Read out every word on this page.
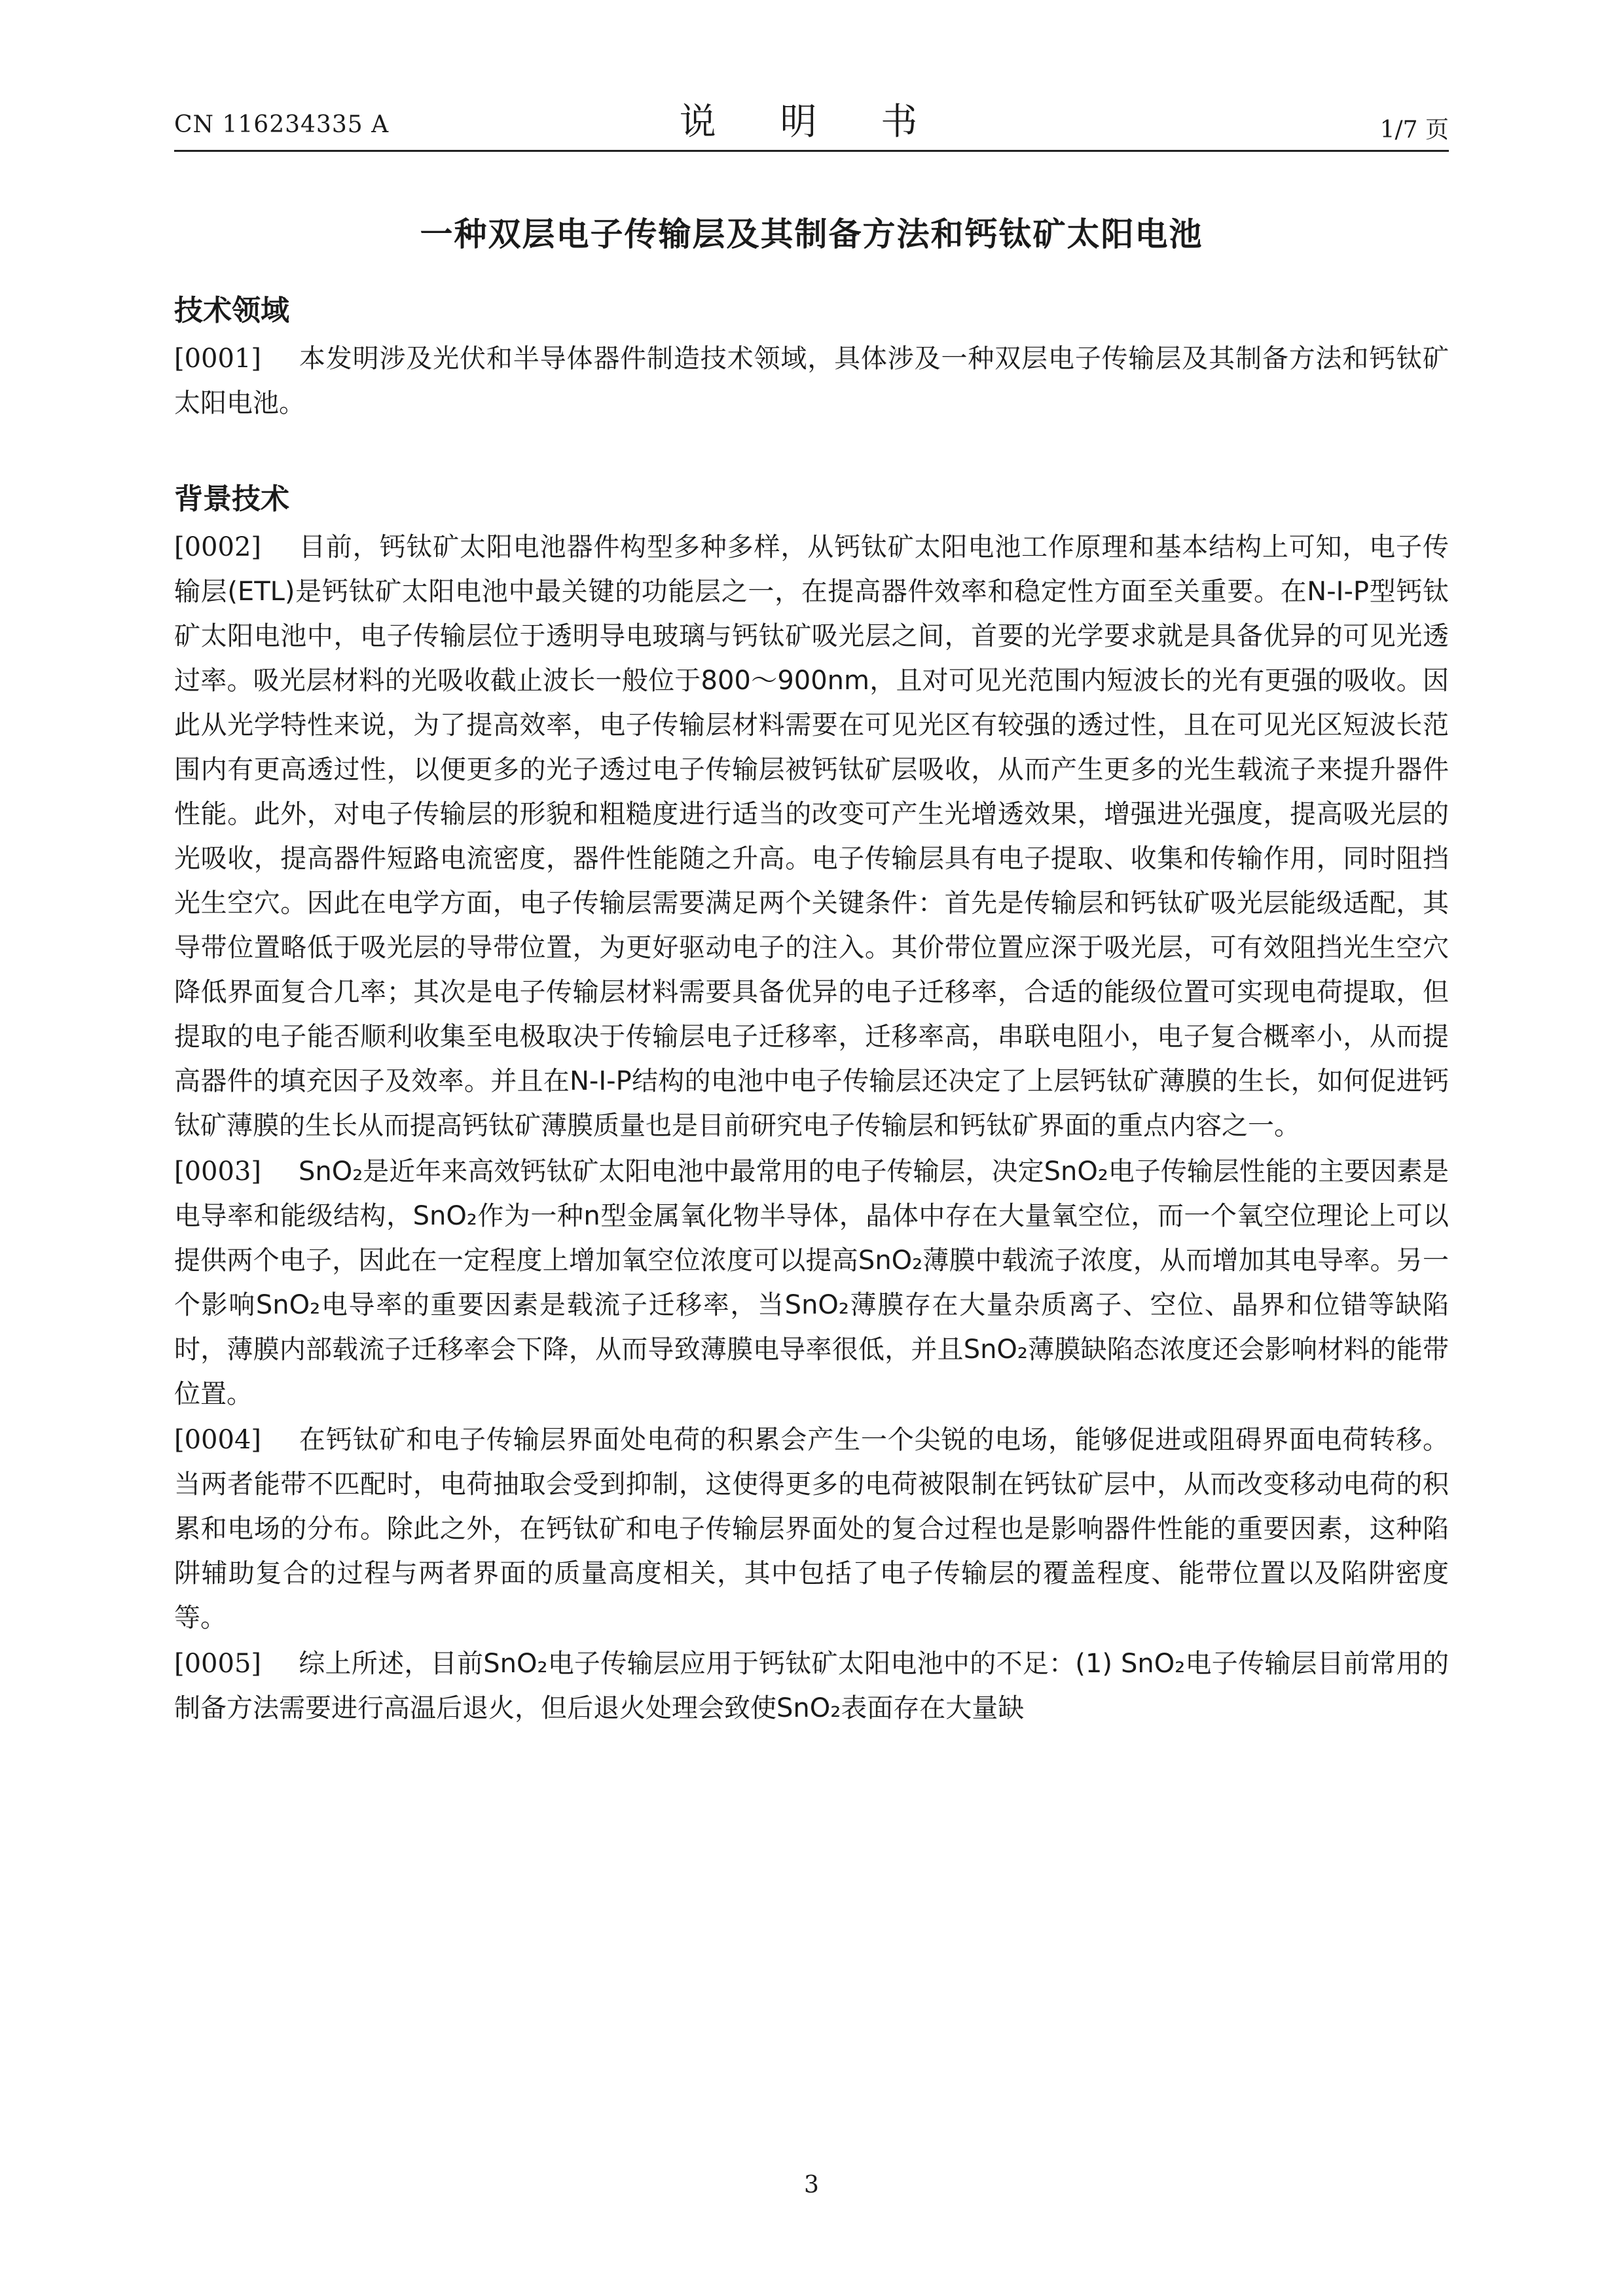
CN 116234335 A	说 明 书	1/7 页
一种双层电子传输层及其制备方法和钙钛矿太阳电池
技术领域

[0001] 本发明涉及光伏和半导体器件制造技术领域，具体涉及一种双层电子传输层及其制备方法和钙钛矿太阳电池。

背景技术

[0002] 目前，钙钛矿太阳电池器件构型多种多样，从钙钛矿太阳电池工作原理和基本结构上可知，电子传输层(ETL)是钙钛矿太阳电池中最关键的功能层之一，在提高器件效率和稳定性方面至关重要。在N-I-P型钙钛矿太阳电池中，电子传输层位于透明导电玻璃与钙钛矿吸光层之间，首要的光学要求就是具备优异的可见光透过率。吸光层材料的光吸收截止波长一般位于800～900nm，且对可见光范围内短波长的光有更强的吸收。因此从光学特性来说，为了提高效率，电子传输层材料需要在可见光区有较强的透过性，且在可见光区短波长范围内有更高透过性，以便更多的光子透过电子传输层被钙钛矿层吸收，从而产生更多的光生载流子来提升器件性能。此外，对电子传输层的形貌和粗糙度进行适当的改变可产生光增透效果，增强进光强度，提高吸光层的光吸收，提高器件短路电流密度，器件性能随之升高。电子传输层具有电子提取、收集和传输作用，同时阻挡光生空穴。因此在电学方面，电子传输层需要满足两个关键条件：首先是传输层和钙钛矿吸光层能级适配，其导带位置略低于吸光层的导带位置，为更好驱动电子的注入。其价带位置应深于吸光层，可有效阻挡光生空穴降低界面复合几率；其次是电子传输层材料需要具备优异的电子迁移率，合适的能级位置可实现电荷提取，但提取的电子能否顺利收集至电极取决于传输层电子迁移率，迁移率高，串联电阻小，电子复合概率小，从而提高器件的填充因子及效率。并且在N-I-P结构的电池中电子传输层还决定了上层钙钛矿薄膜的生长，如何促进钙钛矿薄膜的生长从而提高钙钛矿薄膜质量也是目前研究电子传输层和钙钛矿界面的重点内容之一。

[0003] SnO₂是近年来高效钙钛矿太阳电池中最常用的电子传输层，决定SnO₂电子传输层性能的主要因素是电导率和能级结构，SnO₂作为一种n型金属氧化物半导体，晶体中存在大量氧空位，而一个氧空位理论上可以提供两个电子，因此在一定程度上增加氧空位浓度可以提高SnO₂薄膜中载流子浓度，从而增加其电导率。另一个影响SnO₂电导率的重要因素是载流子迁移率，当SnO₂薄膜存在大量杂质离子、空位、晶界和位错等缺陷时，薄膜内部载流子迁移率会下降，从而导致薄膜电导率很低，并且SnO₂薄膜缺陷态浓度还会影响材料的能带位置。

[0004] 在钙钛矿和电子传输层界面处电荷的积累会产生一个尖锐的电场，能够促进或阻碍界面电荷转移。当两者能带不匹配时，电荷抽取会受到抑制，这使得更多的电荷被限制在钙钛矿层中，从而改变移动电荷的积累和电场的分布。除此之外，在钙钛矿和电子传输层界面处的复合过程也是影响器件性能的重要因素，这种陷阱辅助复合的过程与两者界面的质量高度相关，其中包括了电子传输层的覆盖程度、能带位置以及陷阱密度等。

[0005] 综上所述，目前SnO₂电子传输层应用于钙钛矿太阳电池中的不足：(1) SnO₂电子传输层目前常用的制备方法需要进行高温后退火，但后退火处理会致使SnO₂表面存在大量缺

3
